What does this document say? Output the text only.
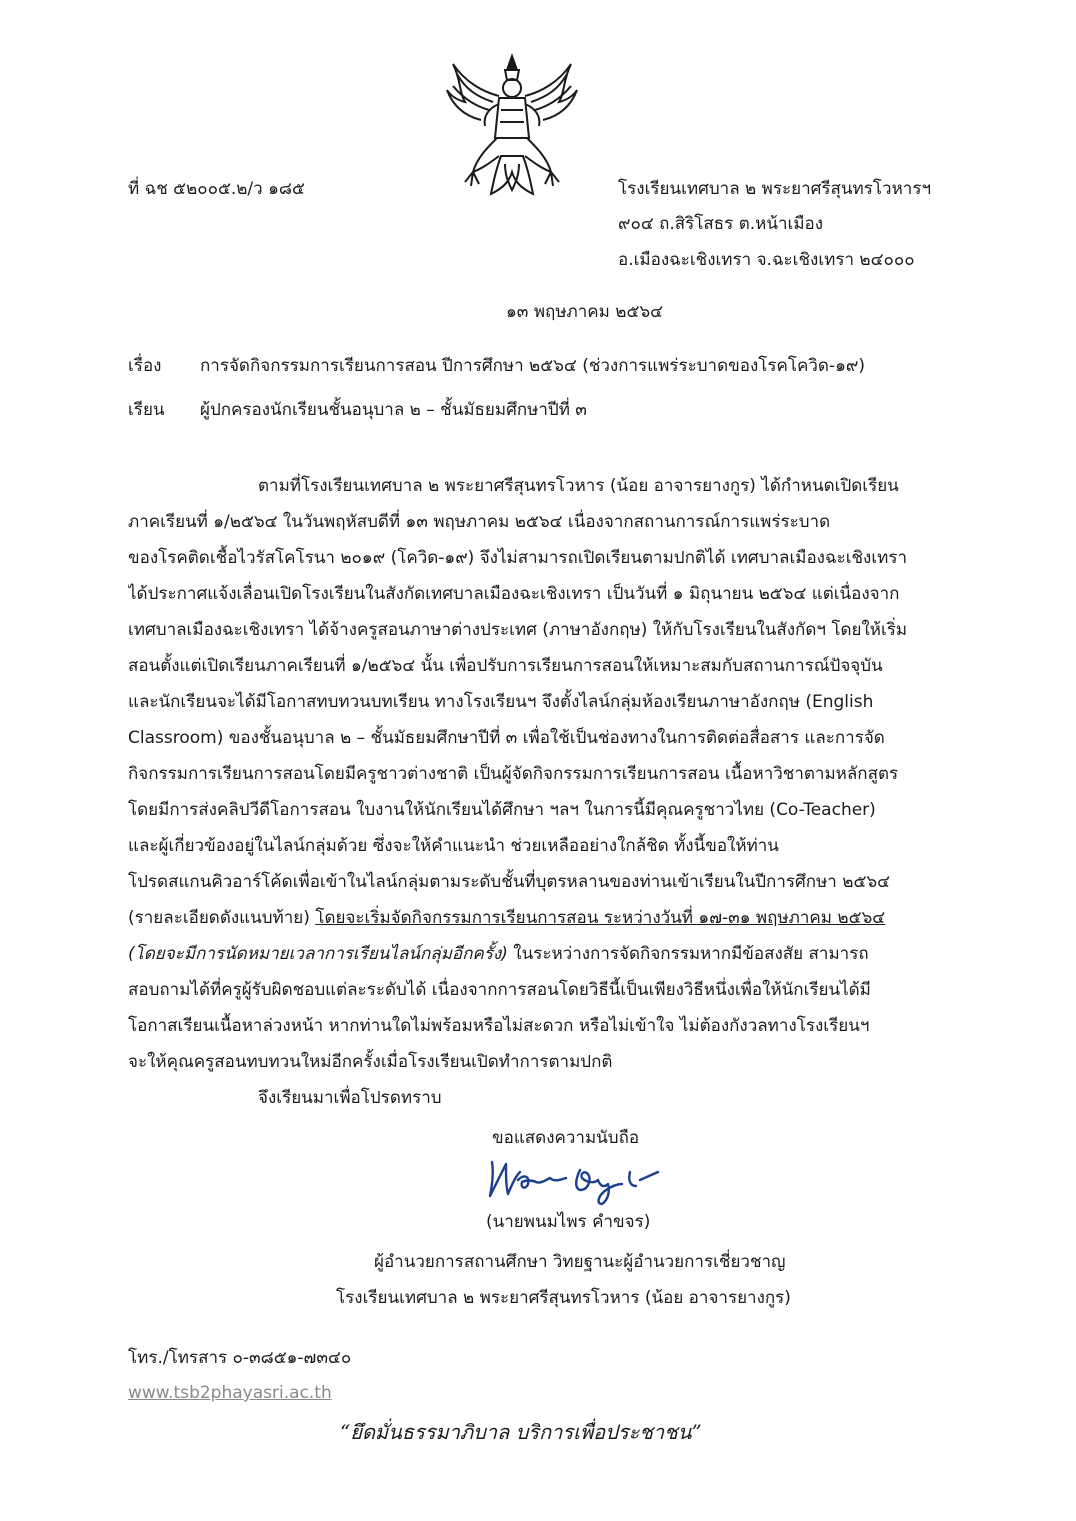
ที่ ฉช ๕๒๐๐๕.๒/ว ๑๘๕	โรงเรียนเทศบาล ๒ พระยาศรีสุนทรโวหารฯ
๙๐๔ ถ.สิริโสธร ต.หน้าเมือง
อ.เมืองฉะเชิงเทรา จ.ฉะเชิงเทรา ๒๔๐๐๐
๑๓ พฤษภาคม ๒๕๖๔
เรื่อง การจัดกิจกรรมการเรียนการสอน ปีการศึกษา ๒๕๖๔ (ช่วงการแพร่ระบาดของโรคโควิด-๑๙)
เรียน ผู้ปกครองนักเรียนชั้นอนุบาล ๒ – ชั้นมัธยมศึกษาปีที่ ๓
ตามที่โรงเรียนเทศบาล ๒ พระยาศรีสุนทรโวหาร (น้อย อาจารยางกูร) ได้กำหนดเปิดเรียน
ภาคเรียนที่ ๑/๒๕๖๔ ในวันพฤหัสบดีที่ ๑๓ พฤษภาคม ๒๕๖๔ เนื่องจากสถานการณ์การแพร่ระบาด
ของโรคติดเชื้อไวรัสโคโรนา ๒๐๑๙ (โควิด-๑๙) จึงไม่สามารถเปิดเรียนตามปกติได้ เทศบาลเมืองฉะเชิงเทรา
ได้ประกาศแจ้งเลื่อนเปิดโรงเรียนในสังกัดเทศบาลเมืองฉะเชิงเทรา เป็นวันที่ ๑ มิถุนายน ๒๕๖๔ แต่เนื่องจาก
เทศบาลเมืองฉะเชิงเทรา ได้จ้างครูสอนภาษาต่างประเทศ (ภาษาอังกฤษ) ให้กับโรงเรียนในสังกัดฯ โดยให้เริ่ม
สอนตั้งแต่เปิดเรียนภาคเรียนที่ ๑/๒๕๖๔ นั้น เพื่อปรับการเรียนการสอนให้เหมาะสมกับสถานการณ์ปัจจุบัน
และนักเรียนจะได้มีโอกาสทบทวนบทเรียน ทางโรงเรียนฯ จึงตั้งไลน์กลุ่มห้องเรียนภาษาอังกฤษ (English
Classroom) ของชั้นอนุบาล ๒ – ชั้นมัธยมศึกษาปีที่ ๓ เพื่อใช้เป็นช่องทางในการติดต่อสื่อสาร และการจัด
กิจกรรมการเรียนการสอนโดยมีครูชาวต่างชาติ เป็นผู้จัดกิจกรรมการเรียนการสอน เนื้อหาวิชาตามหลักสูตร
โดยมีการส่งคลิปวีดีโอการสอน ใบงานให้นักเรียนได้ศึกษา ฯลฯ ในการนี้มีคุณครูชาวไทย (Co-Teacher)
และผู้เกี่ยวข้องอยู่ในไลน์กลุ่มด้วย ซึ่งจะให้คำแนะนำ ช่วยเหลืออย่างใกล้ชิด ทั้งนี้ขอให้ท่าน
โปรดสแกนคิวอาร์โค้ดเพื่อเข้าในไลน์กลุ่มตามระดับชั้นที่บุตรหลานของท่านเข้าเรียนในปีการศึกษา ๒๕๖๔
(รายละเอียดดังแนบท้าย) โดยจะเริ่มจัดกิจกรรมการเรียนการสอน ระหว่างวันที่ ๑๗-๓๑ พฤษภาคม ๒๕๖๔
(โดยจะมีการนัดหมายเวลาการเรียนไลน์กลุ่มอีกครั้ง) ในระหว่างการจัดกิจกรรมหากมีข้อสงสัย สามารถ
สอบถามได้ที่ครูผู้รับผิดชอบแต่ละระดับได้ เนื่องจากการสอนโดยวิธีนี้เป็นเพียงวิธีหนึ่งเพื่อให้นักเรียนได้มี
โอกาสเรียนเนื้อหาล่วงหน้า หากท่านใดไม่พร้อมหรือไม่สะดวก หรือไม่เข้าใจ ไม่ต้องกังวลทางโรงเรียนฯ
จะให้คุณครูสอนทบทวนใหม่อีกครั้งเมื่อโรงเรียนเปิดทำการตามปกติ
จึงเรียนมาเพื่อโปรดทราบ
ขอแสดงความนับถือ
(นายพนมไพร คำขจร)
ผู้อำนวยการสถานศึกษา วิทยฐานะผู้อำนวยการเชี่ยวชาญ
โรงเรียนเทศบาล ๒ พระยาศรีสุนทรโวหาร (น้อย อาจารยางกูร)
โทร./โทรสาร ๐-๓๘๕๑-๗๓๔๐
www.tsb2phayasri.ac.th
“ยึดมั่นธรรมาภิบาล บริการเพื่อประชาชน”
